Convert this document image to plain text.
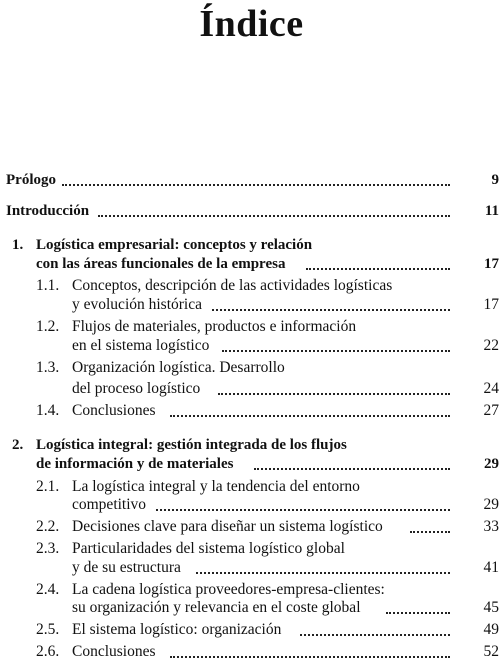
Índice
Prólogo	9
Introducción	11
1. Logística empresarial: conceptos y relación
con las áreas funcionales de la empresa	17
1.1. Conceptos, descripción de las actividades logísticas
y evolución histórica	17
1.2. Flujos de materiales, productos e información
en el sistema logístico	22
1.3. Organización logística. Desarrollo
del proceso logístico	24
1.4. Conclusiones	27
2. Logística integral: gestión integrada de los flujos
de información y de materiales	29
2.1. La logística integral y la tendencia del entorno
competitivo	29
2.2. Decisiones clave para diseñar un sistema logístico	33
2.3. Particularidades del sistema logístico global
y de su estructura	41
2.4. La cadena logística proveedores-empresa-clientes:
su organización y relevancia en el coste global	45
2.5. El sistema logístico: organización	49
2.6. Conclusiones	52
